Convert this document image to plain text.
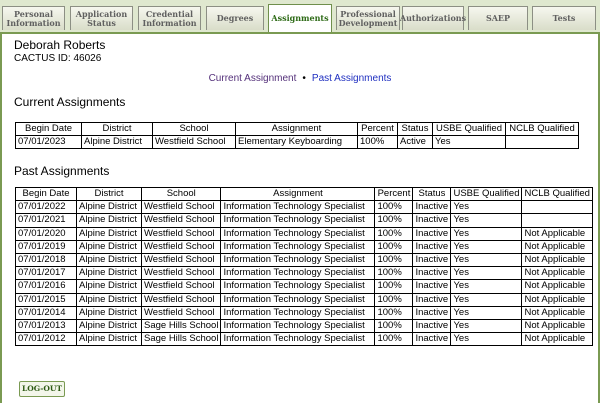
Personal
Information
Application
Status
Credential
Information	Degrees	Assignments	Professional
Development Authorizations	SAEP	Tests
Deborah Roberts
CACTUS ID: 46026
Current Assignment • Past Assignments
Current Assignments
Begin Date	District	School	Assignment	Percent	Status	USBE Qualified	NCLB Qualified
07/01/2023	Alpine District	Westfield School	Elementary Keyboarding	100%	Active	Yes	
Past Assignments
Begin Date	District	School	Assignment	Percent	Status	USBE Qualified	NCLB Qualified
07/01/2022	Alpine District	Westfield School	Information Technology Specialist	100%	Inactive	Yes	
07/01/2021	Alpine District	Westfield School	Information Technology Specialist	100%	Inactive	Yes	
07/01/2020	Alpine District	Westfield School	Information Technology Specialist	100%	Inactive	Yes	Not Applicable
07/01/2019	Alpine District	Westfield School	Information Technology Specialist	100%	Inactive	Yes	Not Applicable
07/01/2018	Alpine District	Westfield School	Information Technology Specialist	100%	Inactive	Yes	Not Applicable
07/01/2017	Alpine District	Westfield School	Information Technology Specialist	100%	Inactive	Yes	Not Applicable
07/01/2016	Alpine District	Westfield School	Information Technology Specialist	100%	Inactive	Yes	Not Applicable
07/01/2015	Alpine District	Westfield School	Information Technology Specialist	100%	Inactive	Yes	Not Applicable
07/01/2014	Alpine District	Westfield School	Information Technology Specialist	100%	Inactive	Yes	Not Applicable
07/01/2013	Alpine District	Sage Hills School	Information Technology Specialist	100%	Inactive	Yes	Not Applicable
07/01/2012	Alpine District	Sage Hills School	Information Technology Specialist	100%	Inactive	Yes	Not Applicable
LOG-OUT
